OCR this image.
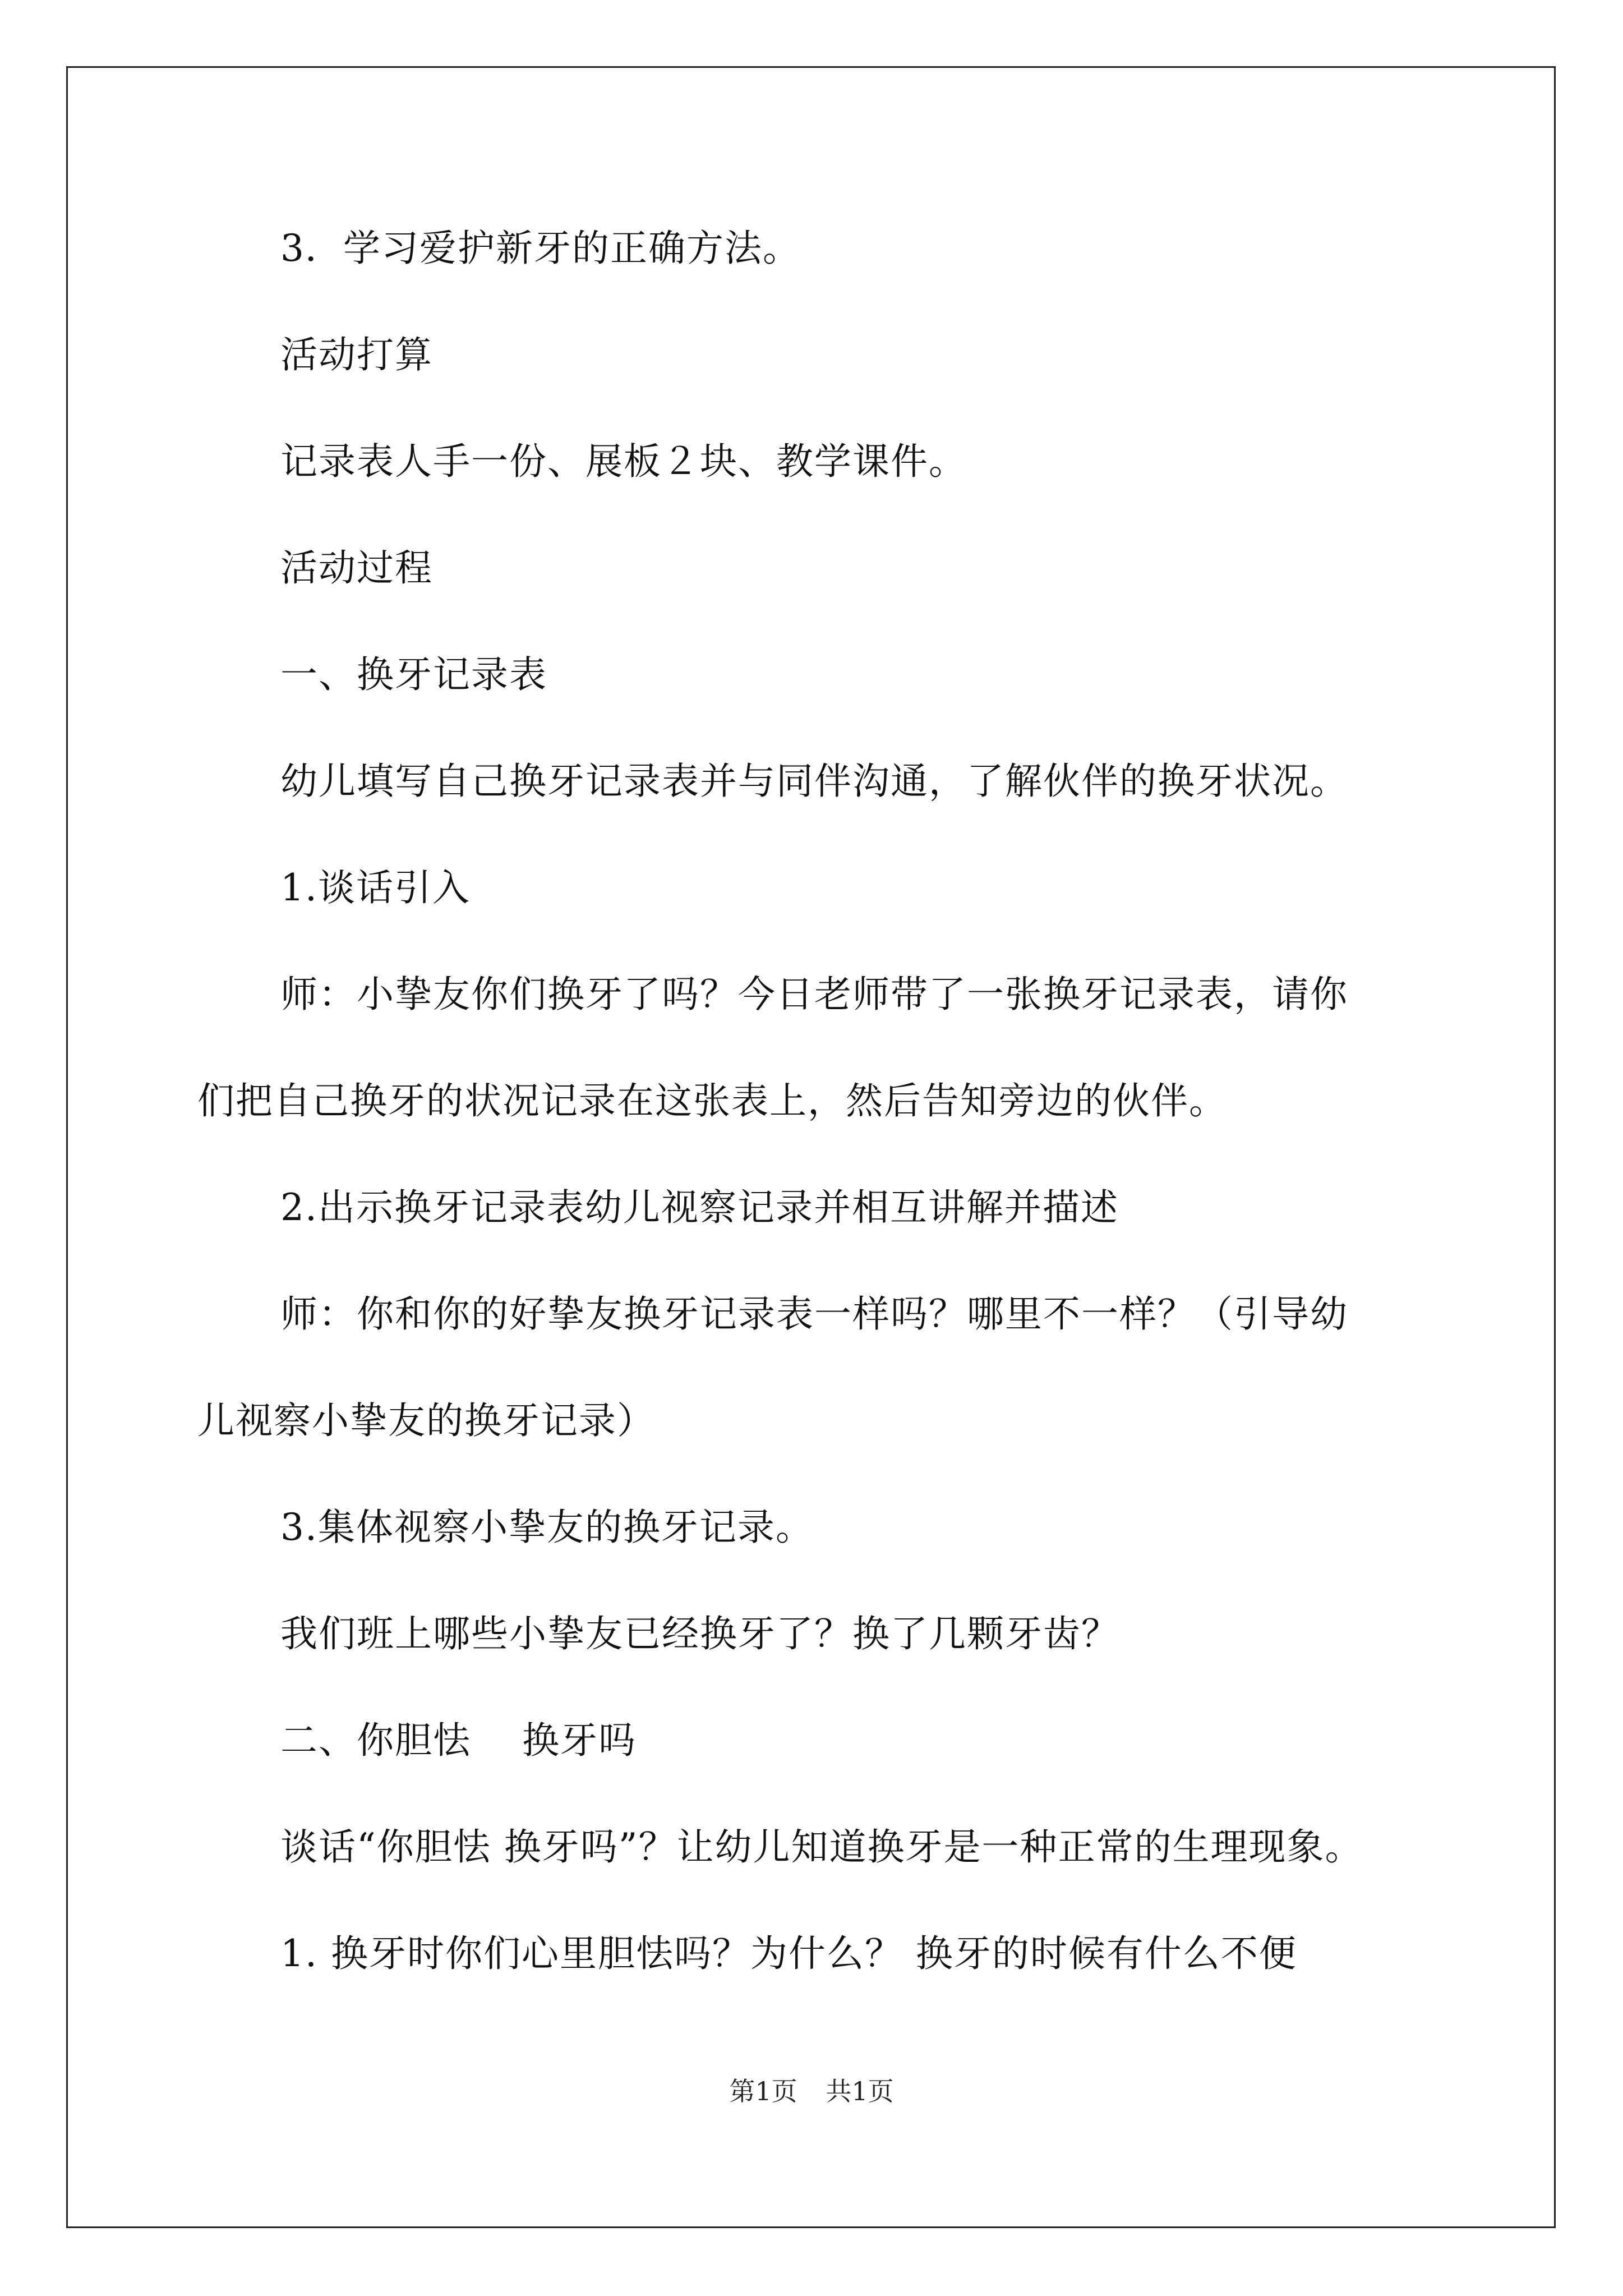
3．学习爱护新牙的正确方法。
活动打算
记录表人手一份、展板２块、教学课件。
活动过程
一、换牙记录表
幼儿填写自己换牙记录表并与同伴沟通，了解伙伴的换牙状况。
1.谈话引入
师：小挚友你们换牙了吗？今日老师带了一张换牙记录表，请你
们把自己换牙的状况记录在这张表上，然后告知旁边的伙伴。
2.出示换牙记录表幼儿视察记录并相互讲解并描述
师：你和你的好挚友换牙记录表一样吗？哪里不一样？（引导幼
儿视察小挚友的换牙记录）
3.集体视察小挚友的换牙记录。
我们班上哪些小挚友已经换牙了？换了几颗牙齿？
二、你胆怯　 换牙吗
谈话“你胆怯 换牙吗”？让幼儿知道换牙是一种正常的生理现象。
1. 换牙时你们心里胆怯吗？为什么？ 换牙的时候有什么不便
第1页 共1页
